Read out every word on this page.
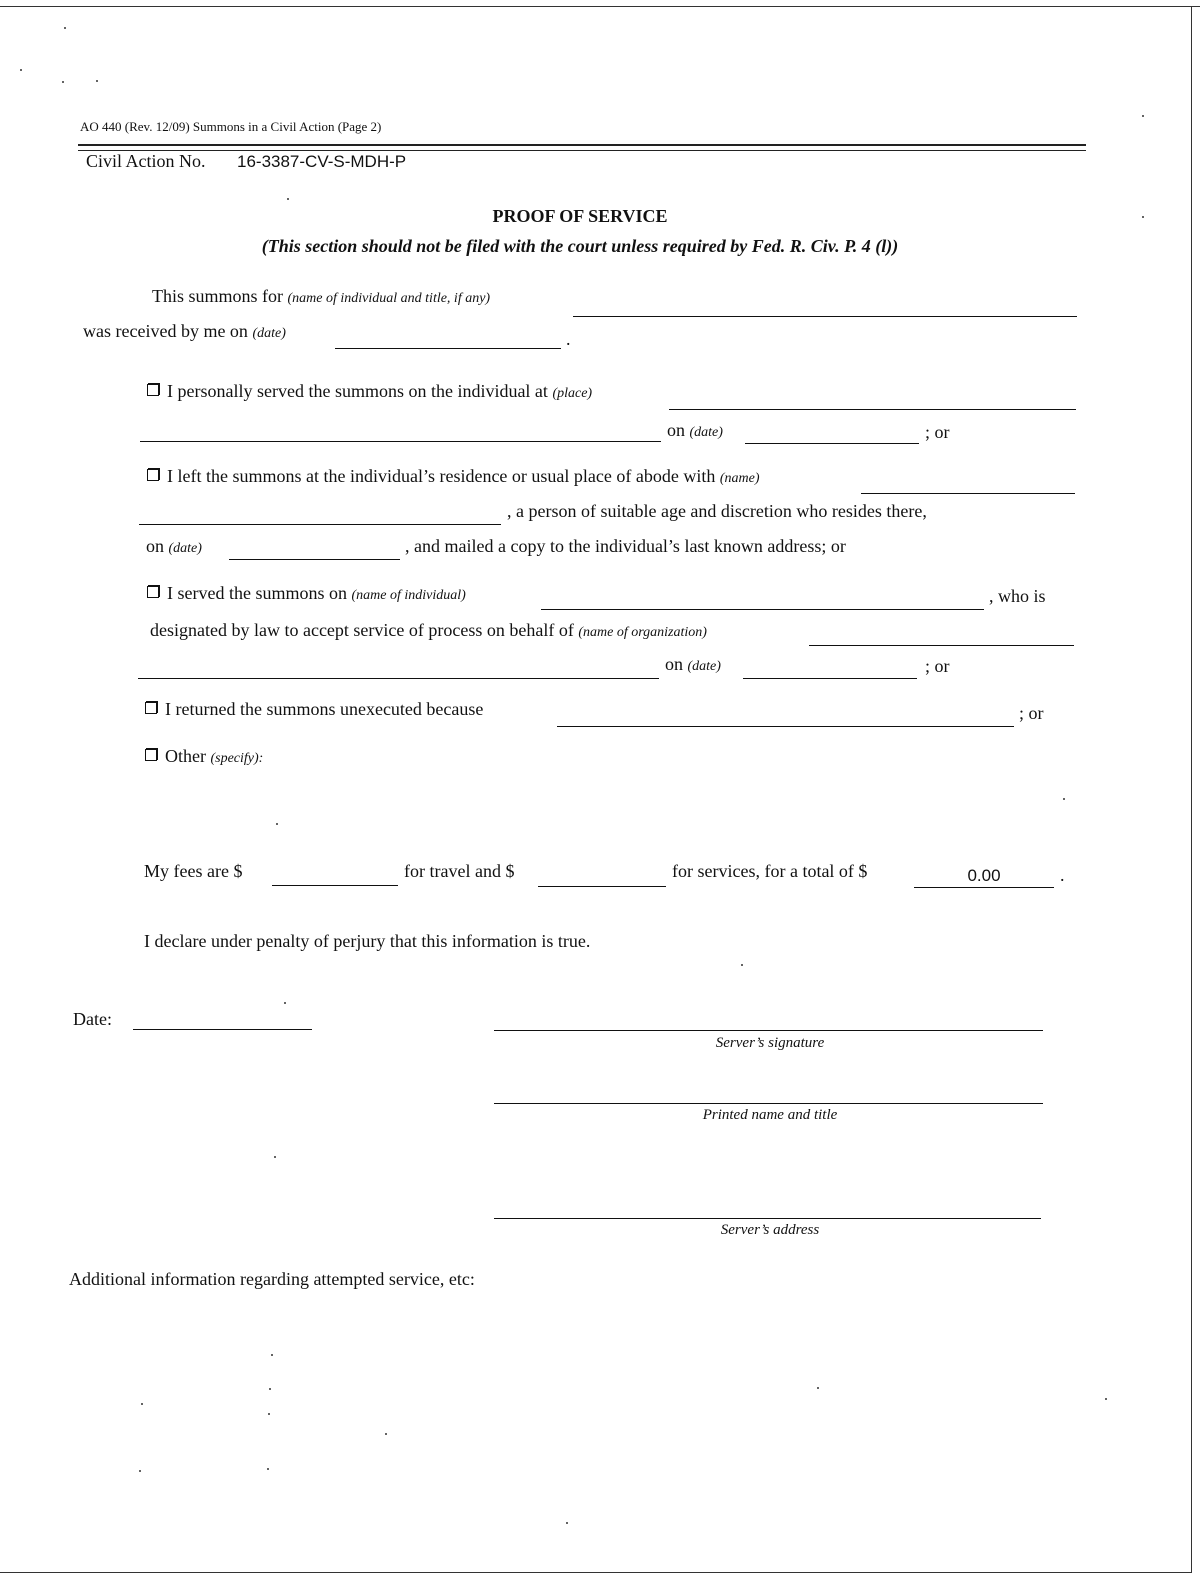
AO 440 (Rev. 12/09) Summons in a Civil Action (Page 2)
Civil Action No. 16-3387-CV-S-MDH-P
PROOF OF SERVICE
(This section should not be filed with the court unless required by Fed. R. Civ. P. 4 (l))
This summons for (name of individual and title, if any)
was received by me on (date)	.
I personally served the summons on the individual at (place)
on (date)	; or
I left the summons at the individual’s residence or usual place of abode with (name)
, a person of suitable age and discretion who resides there,
on (date)	, and mailed a copy to the individual’s last known address; or
I served the summons on (name of individual)	, who is
designated by law to accept service of process on behalf of (name of organization)
on (date)	; or
I returned the summons unexecuted because	; or
Other (specify):
My fees are $	for travel and $	for services, for a total of $	0.00	.
I declare under penalty of perjury that this information is true.
Date:
Server’s signature
Printed name and title
Server’s address
Additional information regarding attempted service, etc:
